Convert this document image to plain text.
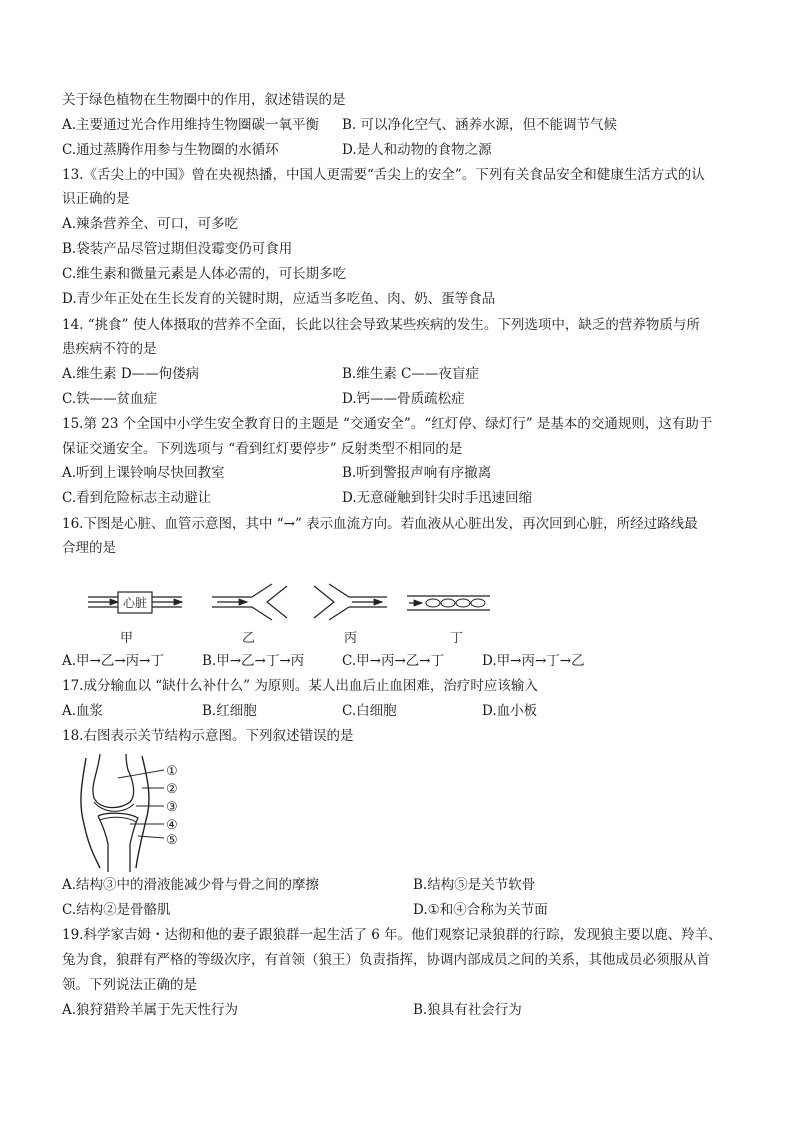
关于绿色植物在生物圈中的作用，叙述错误的是
A.主要通过光合作用维持生物圈碳一氧平衡 B. 可以净化空气、涵养水源，但不能调节气候
C.通过蒸腾作用参与生物圈的水循环	D.是人和动物的食物之源
13.《舌尖上的中国》曾在央视热播，中国人更需要“舌尖上的安全”。下列有关食品安全和健康生活方式的认
识正确的是
A.辣条营养全、可口，可多吃
B.袋装产品尽管过期但没霉变仍可食用
C.维生素和微量元素是人体必需的，可长期多吃
D.青少年正处在生长发育的关键时期，应适当多吃鱼、肉、奶、蛋等食品
14. “挑食” 使人体摄取的营养不全面，长此以往会导致某些疾病的发生。下列选项中，缺乏的营养物质与所
患疾病不符的是
A.维生素 D——佝偻病	B.维生素 C——夜盲症
C.铁——贫血症	D.钙——骨质疏松症
15.第 23 个全国中小学生安全教育日的主题是 “交通安全”。“红灯停、绿灯行” 是基本的交通规则，这有助于
保证交通安全。下列选项与 “看到红灯要停步” 反射类型不相同的是
A.听到上课铃响尽快回教室	B.听到警报声响有序撤离
C.看到危险标志主动避让	D.无意碰触到针尖时手迅速回缩
16.下图是心脏、血管示意图，其中 “→” 表示血流方向。若血液从心脏出发，再次回到心脏，所经过路线最
合理的是
心脏
甲	乙	丙	丁
A.甲→乙→丙→丁	B.甲→乙→丁→丙	C.甲→丙→乙→丁	D.甲→丙→丁→乙
17.成分输血以 “缺什么补什么” 为原则。某人出血后止血困难，治疗时应该输入
A.血浆	B.红细胞	C.白细胞	D.血小板
18.右图表示关节结构示意图。下列叙述错误的是
①
②
③
④
⑤
A.结构③中的滑液能减少骨与骨之间的摩擦	B.结构⑤是关节软骨
C.结构②是骨骼肌	D.①和④合称为关节面
19.科学家吉姆・达彻和他的妻子跟狼群一起生活了 6 年。他们观察记录狼群的行踪，发现狼主要以鹿、羚羊、
兔为食，狼群有严格的等级次序，有首领（狼王）负责指挥，协调内部成员之间的关系，其他成员必须服从首
领。下列说法正确的是
A.狼狩猎羚羊属于先天性行为	B.狼具有社会行为
